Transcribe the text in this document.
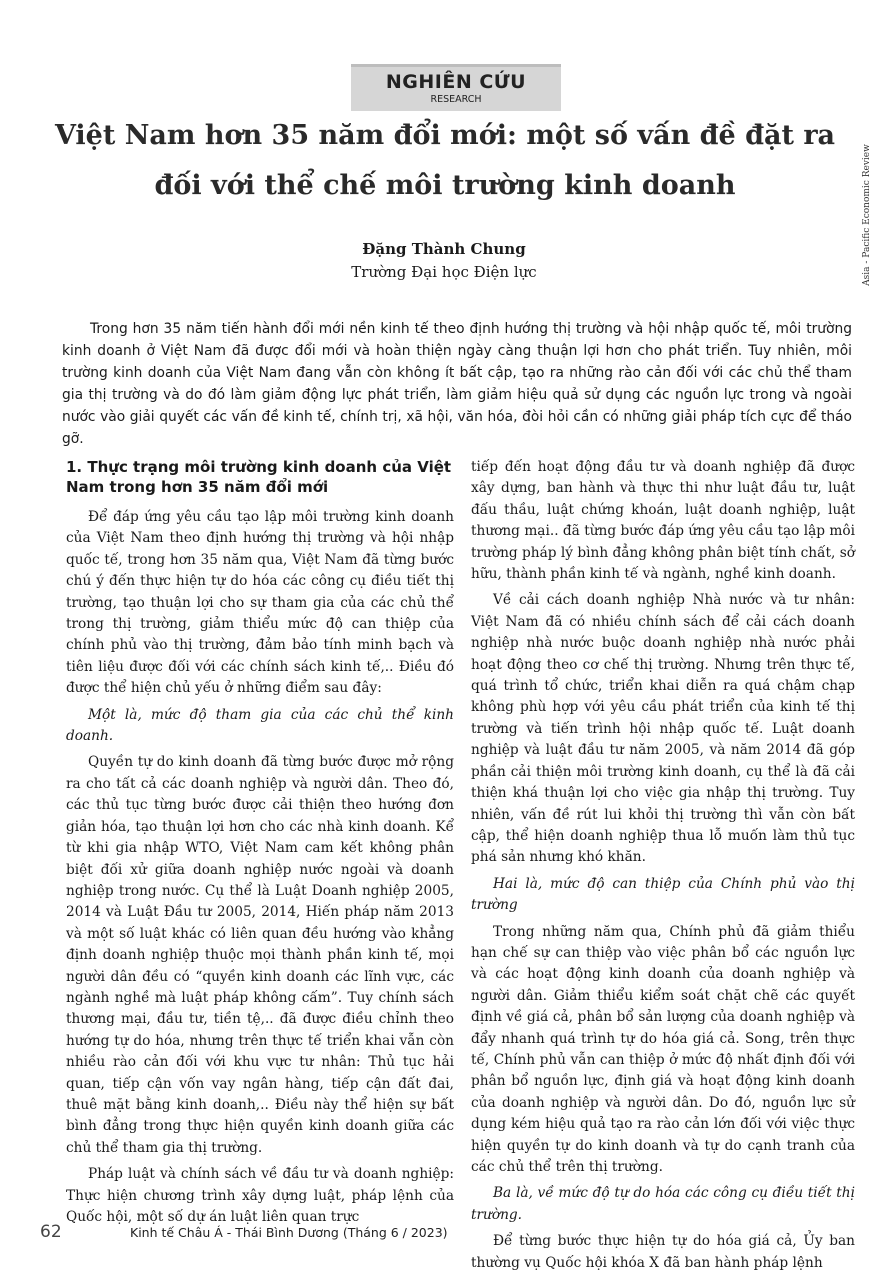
NGHIÊN CỨU
RESEARCH
Asia - Pacific Economic Review
Việt Nam hơn 35 năm đổi mới: một số vấn đề đặt ra
đối với thể chế môi trường kinh doanh
Đặng Thành Chung
Trường Đại học Điện lực

Trong hơn 35 năm tiến hành đổi mới nền kinh tế theo định hướng thị trường và hội nhập quốc tế, môi trường kinh doanh ở Việt Nam đã được đổi mới và hoàn thiện ngày càng thuận lợi hơn cho phát triển. Tuy nhiên, môi trường kinh doanh của Việt Nam đang vẫn còn không ít bất cập, tạo ra những rào cản đối với các chủ thể tham gia thị trường và do đó làm giảm động lực phát triển, làm giảm hiệu quả sử dụng các nguồn lực trong và ngoài nước vào giải quyết các vấn đề kinh tế, chính trị, xã hội, văn hóa, đòi hỏi cần có những giải pháp tích cực để tháo gỡ.

1. Thực trạng môi trường kinh doanh của Việt Nam trong hơn 35 năm đổi mới

Để đáp ứng yêu cầu tạo lập môi trường kinh doanh của Việt Nam theo định hướng thị trường và hội nhập quốc tế, trong hơn 35 năm qua, Việt Nam đã từng bước chú ý đến thực hiện tự do hóa các công cụ điều tiết thị trường, tạo thuận lợi cho sự tham gia của các chủ thể trong thị trường, giảm thiểu mức độ can thiệp của chính phủ vào thị trường, đảm bảo tính minh bạch và tiên liệu được đối với các chính sách kinh tế,.. Điều đó được thể hiện chủ yếu ở những điểm sau đây:

Một là, mức độ tham gia của các chủ thể kinh doanh.

Quyền tự do kinh doanh đã từng bước được mở rộng ra cho tất cả các doanh nghiệp và người dân. Theo đó, các thủ tục từng bước được cải thiện theo hướng đơn giản hóa, tạo thuận lợi hơn cho các nhà kinh doanh. Kể từ khi gia nhập WTO, Việt Nam cam kết không phân biệt đối xử giữa doanh nghiệp nước ngoài và doanh nghiệp trong nước. Cụ thể là Luật Doanh nghiệp 2005, 2014 và Luật Đầu tư 2005, 2014, Hiến pháp năm 2013 và một số luật khác có liên quan đều hướng vào khẳng định doanh nghiệp thuộc mọi thành phần kinh tế, mọi người dân đều có “quyền kinh doanh các lĩnh vực, các ngành nghề mà luật pháp không cấm”. Tuy chính sách thương mại, đầu tư, tiền tệ,.. đã được điều chỉnh theo hướng tự do hóa, nhưng trên thực tế triển khai vẫn còn nhiều rào cản đối với khu vực tư nhân: Thủ tục hải quan, tiếp cận vốn vay ngân hàng, tiếp cận đất đai, thuê mặt bằng kinh doanh,.. Điều này thể hiện sự bất bình đẳng trong thực hiện quyền kinh doanh giữa các chủ thể tham gia thị trường.

Pháp luật và chính sách về đầu tư và doanh nghiệp: Thực hiện chương trình xây dựng luật, pháp lệnh của Quốc hội, một số dự án luật liên quan trực

tiếp đến hoạt động đầu tư và doanh nghiệp đã được xây dựng, ban hành và thực thi như luật đầu tư, luật đấu thầu, luật chứng khoán, luật doanh nghiệp, luật thương mại.. đã từng bước đáp ứng yêu cầu tạo lập môi trường pháp lý bình đẳng không phân biệt tính chất, sở hữu, thành phần kinh tế và ngành, nghề kinh doanh.

Về cải cách doanh nghiệp Nhà nước và tư nhân: Việt Nam đã có nhiều chính sách để cải cách doanh nghiệp nhà nước buộc doanh nghiệp nhà nước phải hoạt động theo cơ chế thị trường. Nhưng trên thực tế, quá trình tổ chức, triển khai diễn ra quá chậm chạp không phù hợp với yêu cầu phát triển của kinh tế thị trường và tiến trình hội nhập quốc tế. Luật doanh nghiệp và luật đầu tư năm 2005, và năm 2014 đã góp phần cải thiện môi trường kinh doanh, cụ thể là đã cải thiện khá thuận lợi cho việc gia nhập thị trường. Tuy nhiên, vấn đề rút lui khỏi thị trường thì vẫn còn bất cập, thể hiện doanh nghiệp thua lỗ muốn làm thủ tục phá sản nhưng khó khăn.

Hai là, mức độ can thiệp của Chính phủ vào thị trường

Trong những năm qua, Chính phủ đã giảm thiểu hạn chế sự can thiệp vào việc phân bổ các nguồn lực và các hoạt động kinh doanh của doanh nghiệp và người dân. Giảm thiểu kiểm soát chặt chẽ các quyết định về giá cả, phân bổ sản lượng của doanh nghiệp và đẩy nhanh quá trình tự do hóa giá cả. Song, trên thực tế, Chính phủ vẫn can thiệp ở mức độ nhất định đối với phân bổ nguồn lực, định giá và hoạt động kinh doanh của doanh nghiệp và người dân. Do đó, nguồn lực sử dụng kém hiệu quả tạo ra rào cản lớn đối với việc thực hiện quyền tự do kinh doanh và tự do cạnh tranh của các chủ thể trên thị trường.

Ba là, về mức độ tự do hóa các công cụ điều tiết thị trường.

Để từng bước thực hiện tự do hóa giá cả, Ủy ban thường vụ Quốc hội khóa X đã ban hành pháp lệnh

62	Kinh tế Châu Á - Thái Bình Dương (Tháng 6 / 2023)
